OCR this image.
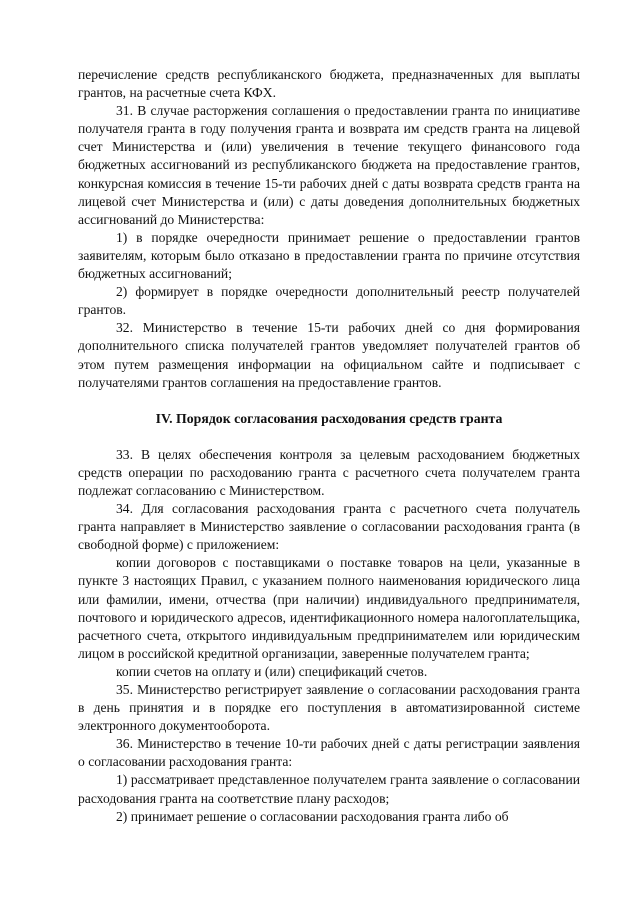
перечисление средств республиканского бюджета, предназначенных для выплаты грантов, на расчетные счета КФХ.

31. В случае расторжения соглашения о предоставлении гранта по инициативе получателя гранта в году получения гранта и возврата им средств гранта на лицевой счет Министерства и (или) увеличения в течение текущего финансового года бюджетных ассигнований из республиканского бюджета на предоставление грантов, конкурсная комиссия в течение 15-ти рабочих дней с даты возврата средств гранта на лицевой счет Министерства и (или) с даты доведения дополнительных бюджетных ассигнований до Министерства:

1) в порядке очередности принимает решение о предоставлении грантов заявителям, которым было отказано в предоставлении гранта по причине отсутствия бюджетных ассигнований;

2) формирует в порядке очередности дополнительный реестр получателей грантов.

32. Министерство в течение 15-ти рабочих дней со дня формирования дополнительного списка получателей грантов уведомляет получателей грантов об этом путем размещения информации на официальном сайте и подписывает с получателями грантов соглашения на предоставление грантов.

IV. Порядок согласования расходования средств гранта

33. В целях обеспечения контроля за целевым расходованием бюджетных средств операции по расходованию гранта с расчетного счета получателем гранта подлежат согласованию с Министерством.

34. Для согласования расходования гранта с расчетного счета получатель гранта направляет в Министерство заявление о согласовании расходования гранта (в свободной форме) с приложением:

копии договоров с поставщиками о поставке товаров на цели, указанные в пункте 3 настоящих Правил, с указанием полного наименования юридического лица или фамилии, имени, отчества (при наличии) индивидуального предпринимателя, почтового и юридического адресов, идентификационного номера налогоплательщика, расчетного счета, открытого индивидуальным предпринимателем или юридическим лицом в российской кредитной организации, заверенные получателем гранта;

копии счетов на оплату и (или) спецификаций счетов.

35. Министерство регистрирует заявление о согласовании расходования гранта в день принятия и в порядке его поступления в автоматизированной системе электронного документооборота.

36. Министерство в течение 10-ти рабочих дней с даты регистрации заявления о согласовании расходования гранта:

1) рассматривает представленное получателем гранта заявление о согласовании расходования гранта на соответствие плану расходов;

2) принимает решение о согласовании расходования гранта либо об
